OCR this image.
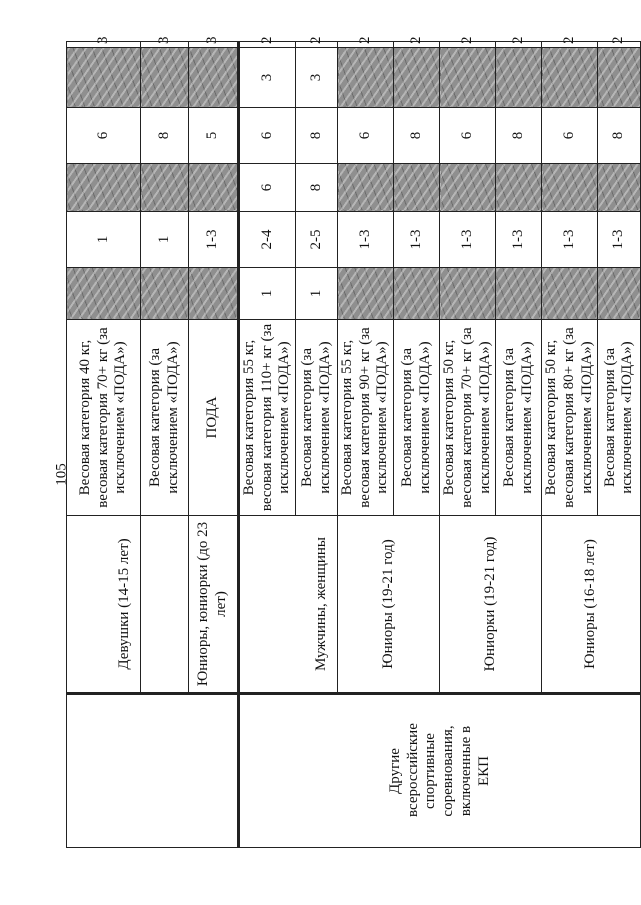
105
	Девушки (14-15 лет)	Весовая категория 40 кг, весовая категория 70+ кг (за исключением «ПОДА»)		1		6		3
		Весовая категория (за исключением «ПОДА»)		1		8		3
	Юниоры, юниорки (до 23 лет)	ПОДА		1-3		5		3
Другие всероссийские спортивные соревнования, включенные в ЕКП	Мужчины, женщины	Весовая категория 55 кг, весовая категория 110+ кг (за исключением «ПОДА»)	1	2-4	6	6	3	2
		Весовая категория (за исключением «ПОДА»)	1	2-5	8	8	3	2
	Юниоры (19-21 год)	Весовая категория 55 кг, весовая категория 90+ кг (за исключением «ПОДА»)		1-3		6		2
		Весовая категория (за исключением «ПОДА»)		1-3		8		2
	Юниорки (19-21 год)	Весовая категория 50 кг, весовая категория 70+ кг (за исключением «ПОДА»)		1-3		6		2
		Весовая категория (за исключением «ПОДА»)		1-3		8		2
	Юниоры (16-18 лет)	Весовая категория 50 кг, весовая категория 80+ кг (за исключением «ПОДА»)		1-3		6		2
		Весовая категория (за исключением «ПОДА»)		1-3		8		2
